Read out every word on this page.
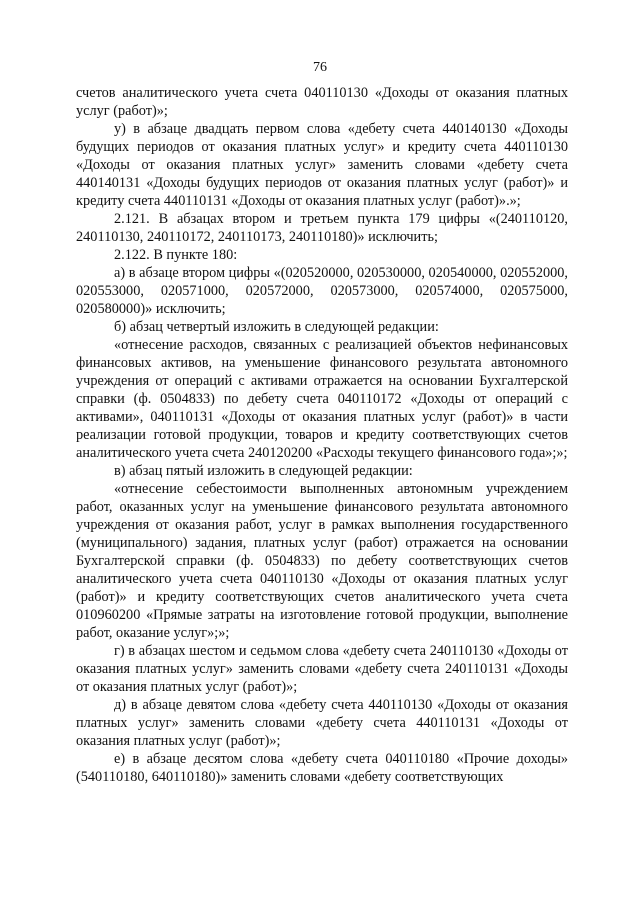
76

счетов аналитического учета счета 040110130 «Доходы от оказания платных услуг (работ)»;

у) в абзаце двадцать первом слова «дебету счета 440140130 «Доходы будущих периодов от оказания платных услуг» и кредиту счета 440110130 «Доходы от оказания платных услуг» заменить словами «дебету счета 440140131 «Доходы будущих периодов от оказания платных услуг (работ)» и кредиту счета 440110131 «Доходы от оказания платных услуг (работ)».»;

2.121. В абзацах втором и третьем пункта 179 цифры «(240110120, 240110130, 240110172, 240110173, 240110180)» исключить;

2.122. В пункте 180:

а) в абзаце втором цифры «(020520000, 020530000, 020540000, 020552000, 020553000, 020571000, 020572000, 020573000, 020574000, 020575000, 020580000)» исключить;

б) абзац четвертый изложить в следующей редакции:

«отнесение расходов, связанных с реализацией объектов нефинансовых финансовых активов, на уменьшение финансового результата автономного учреждения от операций с активами отражается на основании Бухгалтерской справки (ф. 0504833) по дебету счета 040110172 «Доходы от операций с активами», 040110131 «Доходы от оказания платных услуг (работ)» в части реализации готовой продукции, товаров и кредиту соответствующих счетов аналитического учета счета 240120200 «Расходы текущего финансового года»;»;

в) абзац пятый изложить в следующей редакции:

«отнесение себестоимости выполненных автономным учреждением работ, оказанных услуг на уменьшение финансового результата автономного учреждения от оказания работ, услуг в рамках выполнения государственного (муниципального) задания, платных услуг (работ) отражается на основании Бухгалтерской справки (ф. 0504833) по дебету соответствующих счетов аналитического учета счета 040110130 «Доходы от оказания платных услуг (работ)» и кредиту соответствующих счетов аналитического учета счета 010960200 «Прямые затраты на изготовление готовой продукции, выполнение работ, оказание услуг»;»;

г) в абзацах шестом и седьмом слова «дебету счета 240110130 «Доходы от оказания платных услуг» заменить словами «дебету счета 240110131 «Доходы от оказания платных услуг (работ)»;

д) в абзаце девятом слова «дебету счета 440110130 «Доходы от оказания платных услуг» заменить словами «дебету счета 440110131 «Доходы от оказания платных услуг (работ)»;

е) в абзаце десятом слова «дебету счета 040110180 «Прочие доходы» (540110180, 640110180)» заменить словами «дебету соответствующих
